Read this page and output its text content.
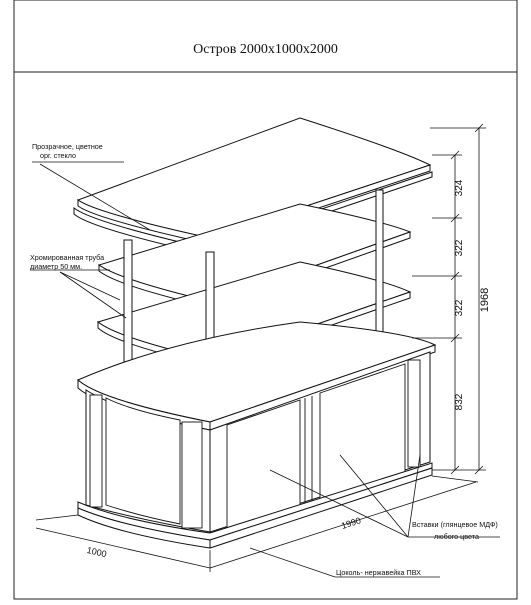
324
322
322
832
1968
1990
1000
Остров 2000х1000х2000
Прозрачное, цветное
орг. стекло
Хромированная труба
диаметр 50 мм.
Вставки (глянцевое МДФ)
любого цвета
Цоколь- нержавейка ПВХ
